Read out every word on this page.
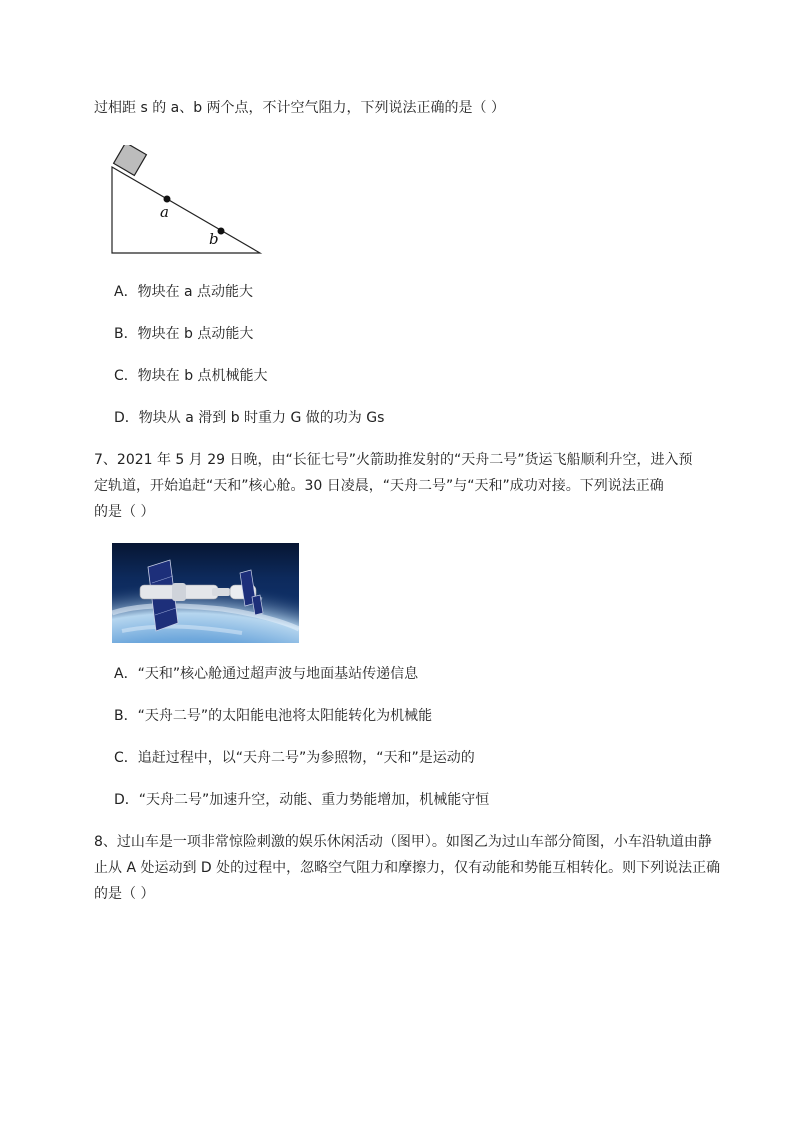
过相距 s 的 a、b 两个点，不计空气阻力，下列说法正确的是（ ）
a
b
A．物块在 a 点动能大
B．物块在 b 点动能大
C．物块在 b 点机械能大
D．物块从 a 滑到 b 时重力 G 做的功为 Gs
7、2021 年 5 月 29 日晚，由“长征七号”火箭助推发射的“天舟二号”货运飞船顺利升空，进入预
定轨道，开始追赶“天和”核心舱。30 日凌晨，“天舟二号”与“天和”成功对接。下列说法正确
的是（ ）
A．“天和”核心舱通过超声波与地面基站传递信息
B．“天舟二号”的太阳能电池将太阳能转化为机械能
C．追赶过程中，以“天舟二号”为参照物，“天和”是运动的
D．“天舟二号”加速升空，动能、重力势能增加，机械能守恒
8、过山车是一项非常惊险刺激的娱乐休闲活动（图甲）。如图乙为过山车部分简图，小车沿轨道由静
止从 A 处运动到 D 处的过程中，忽略空气阻力和摩擦力，仅有动能和势能互相转化。则下列说法正确
的是（ ）
